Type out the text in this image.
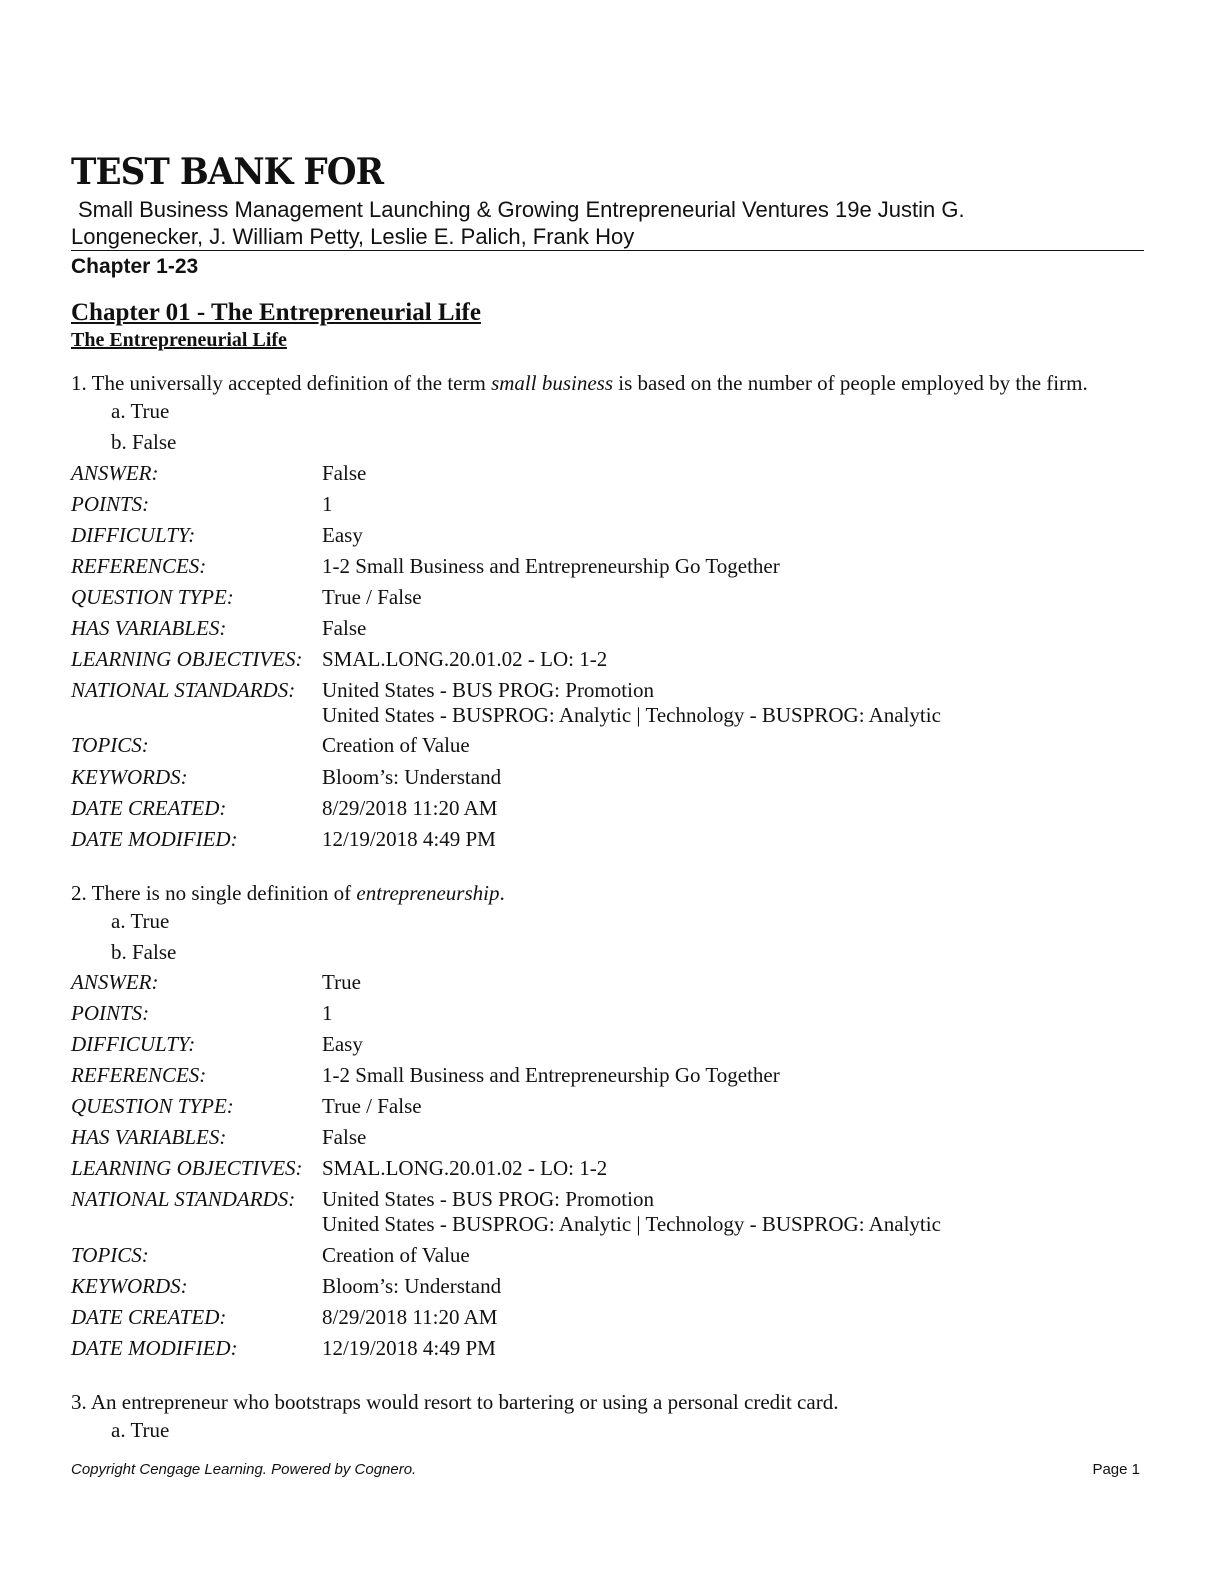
TEST BANK FOR
Small Business Management Launching & Growing Entrepreneurial Ventures 19e Justin G.
Longenecker, J. William Petty, Leslie E. Palich, Frank Hoy
Chapter 1-23
Chapter 01 - The Entrepreneurial Life
The Entrepreneurial Life
1. The universally accepted definition of the term small business is based on the number of people employed by the firm.
a. True
b. False
ANSWER:	False
POINTS:	1
DIFFICULTY:	Easy
REFERENCES:	1-2 Small Business and Entrepreneurship Go Together
QUESTION TYPE:	True / False
HAS VARIABLES:	False
LEARNING OBJECTIVES: SMAL.LONG.20.01.02 - LO: 1-2
NATIONAL STANDARDS: United States - BUS PROG: Promotion
United States - BUSPROG: Analytic | Technology - BUSPROG: Analytic
TOPICS:	Creation of Value
KEYWORDS:	Bloom’s: Understand
DATE CREATED:	8/29/2018 11:20 AM
DATE MODIFIED:	12/19/2018 4:49 PM
2. There is no single definition of entrepreneurship.
a. True
b. False
ANSWER:	True
POINTS:	1
DIFFICULTY:	Easy
REFERENCES:	1-2 Small Business and Entrepreneurship Go Together
QUESTION TYPE:	True / False
HAS VARIABLES:	False
LEARNING OBJECTIVES: SMAL.LONG.20.01.02 - LO: 1-2
NATIONAL STANDARDS: United States - BUS PROG: Promotion
United States - BUSPROG: Analytic | Technology - BUSPROG: Analytic
TOPICS:	Creation of Value
KEYWORDS:	Bloom’s: Understand
DATE CREATED:	8/29/2018 11:20 AM
DATE MODIFIED:	12/19/2018 4:49 PM
3. An entrepreneur who bootstraps would resort to bartering or using a personal credit card.
a. True
Copyright Cengage Learning. Powered by Cognero.	Page 1
